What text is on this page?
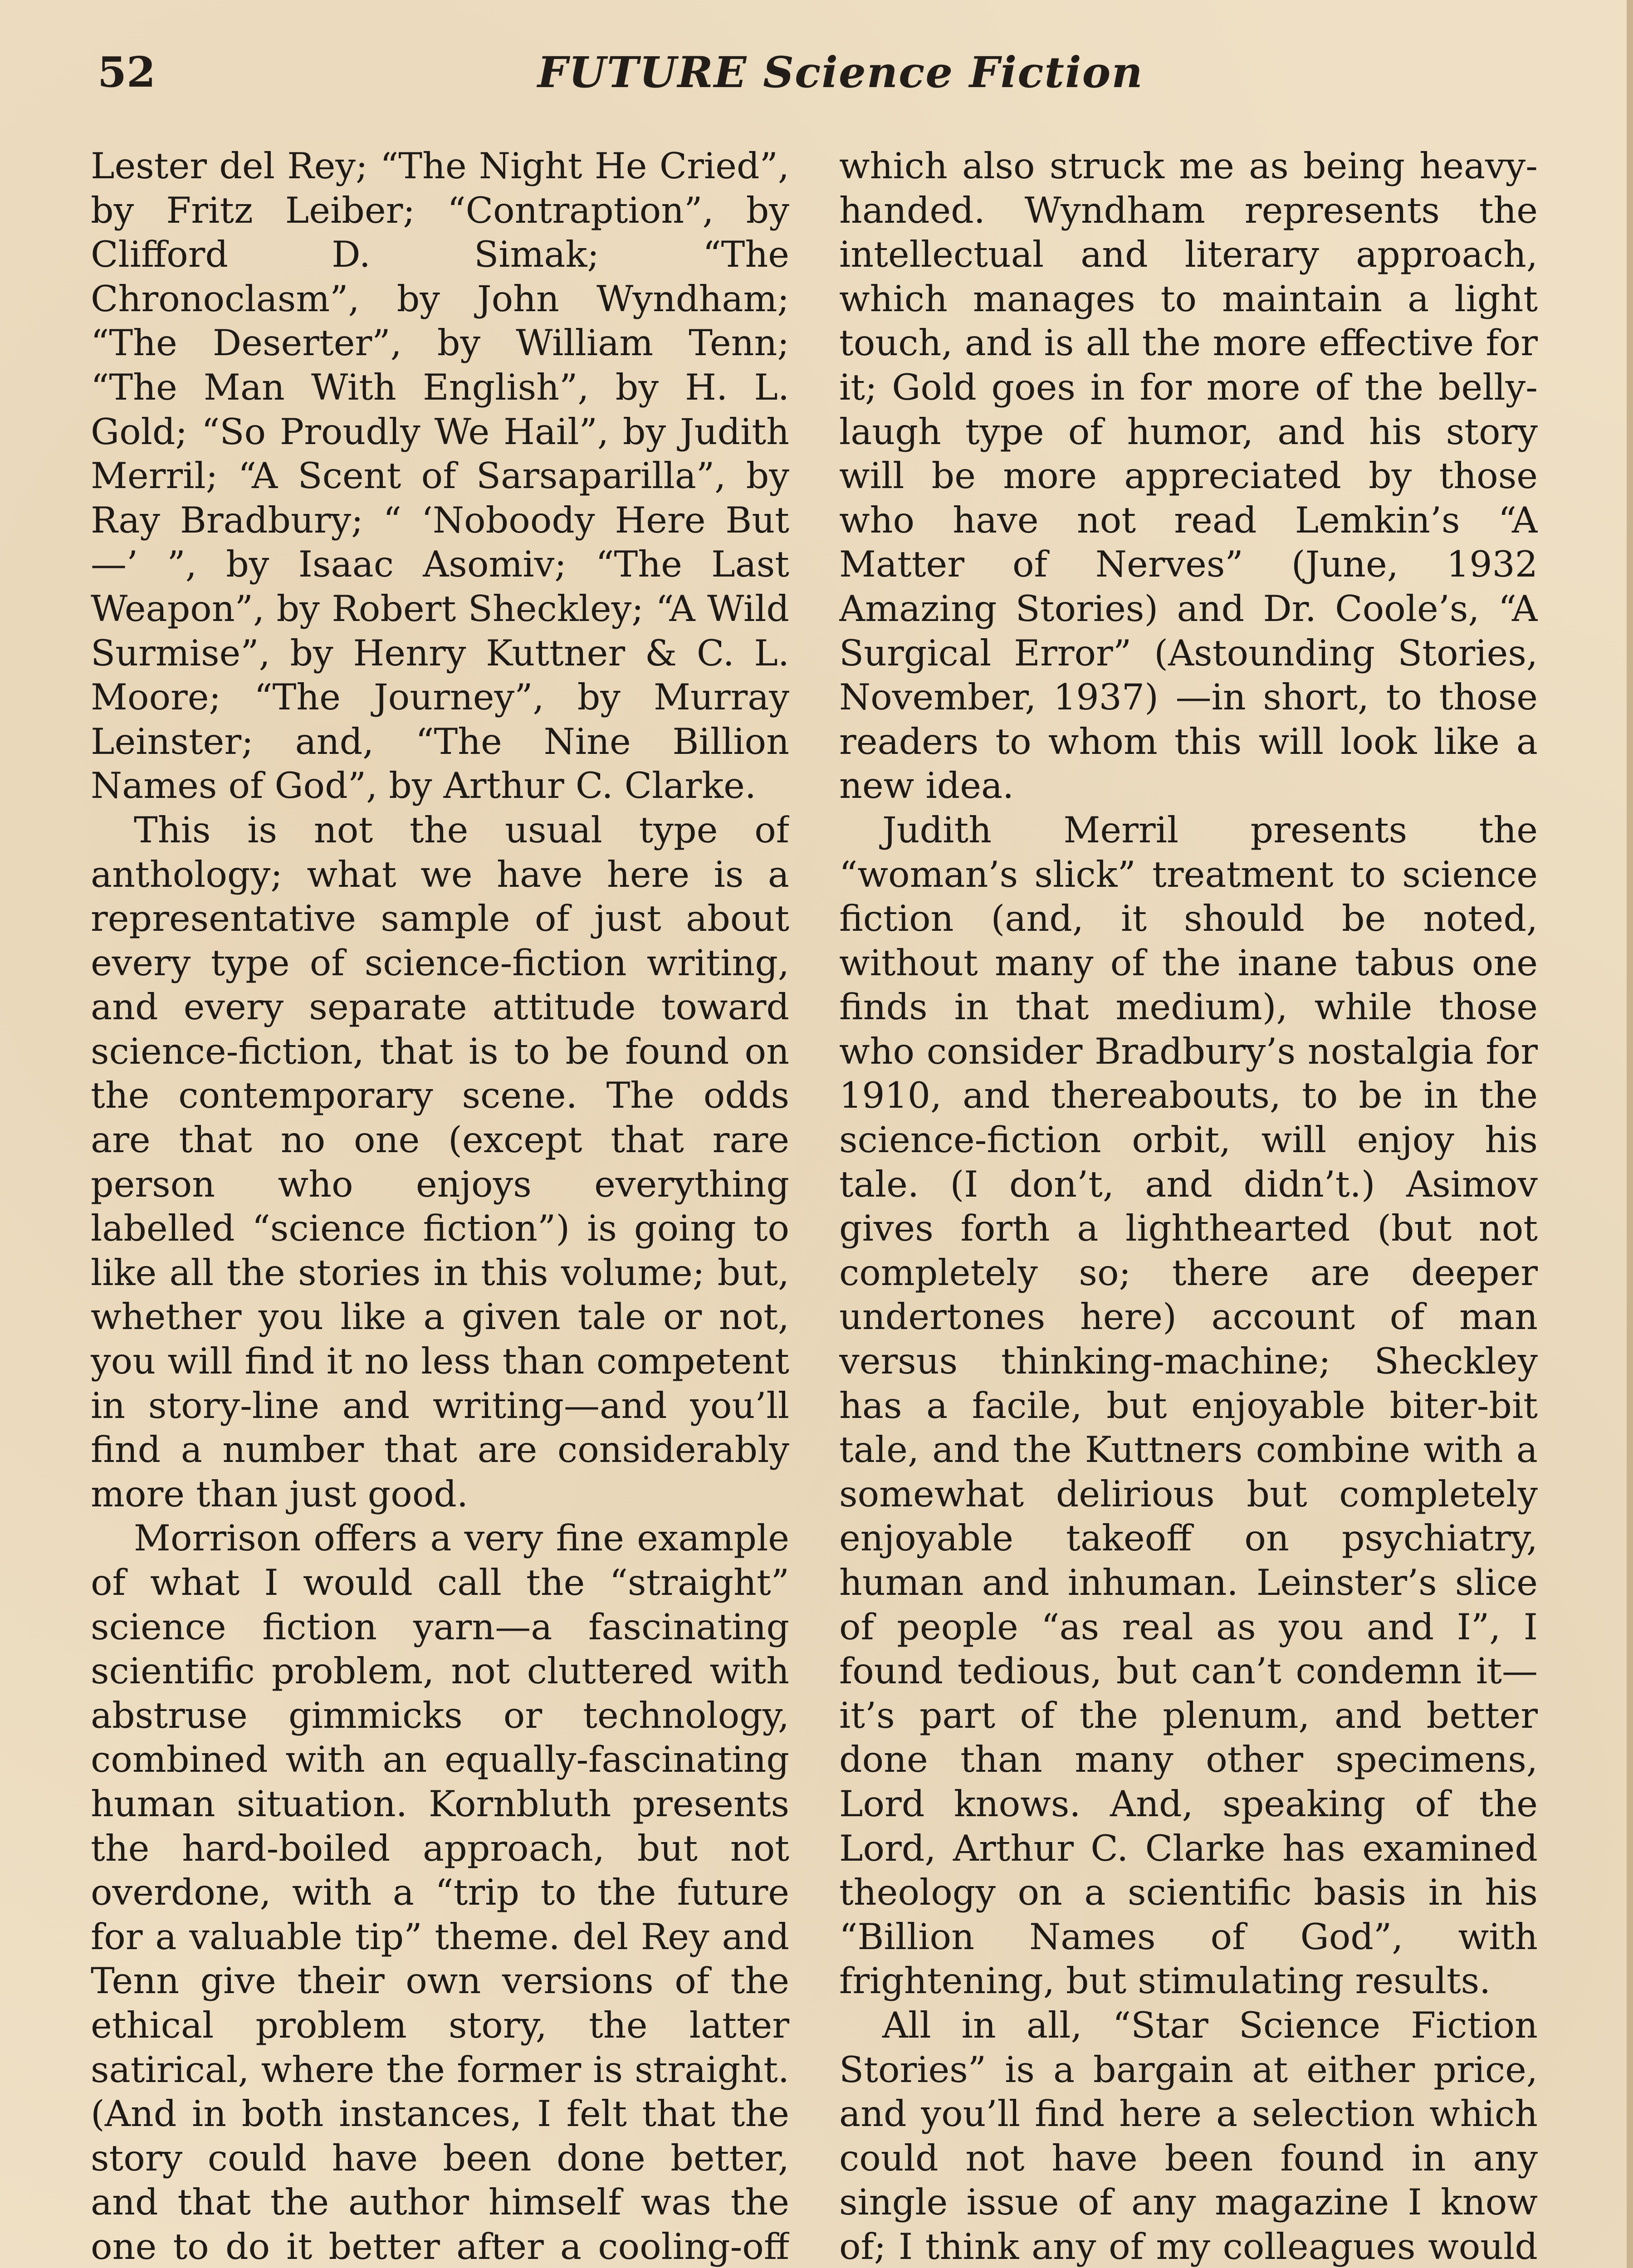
52	FUTURE Science Fiction

Lester del Rey; “The Night He Cried”, by Fritz Leiber; “Contraption”, by Clifford D. Simak; “The Chronoclasm”, by John Wyndham; “The Deserter”, by William Tenn; “The Man With English”, by H. L. Gold; “So Proudly We Hail”, by Judith Merril; “A Scent of Sarsaparilla”, by Ray Bradbury; “ ‘Noboody Here But—’ ”, by Isaac Asomiv; “The Last Weapon”, by Robert Sheckley; “A Wild Surmise”, by Henry Kuttner & C. L. Moore; “The Journey”, by Murray Leinster; and, “The Nine Billion Names of God”, by Arthur C. Clarke.

This is not the usual type of anthology; what we have here is a representative sample of just about every type of science-fiction writing, and every separate attitude toward science-fiction, that is to be found on the contemporary scene. The odds are that no one (except that rare person who enjoys everything labelled “science fiction”) is going to like all the stories in this volume; but, whether you like a given tale or not, you will find it no less than competent in story-line and writing—and you’ll find a number that are considerably more than just good.

Morrison offers a very fine example of what I would call the “straight” science fiction yarn—a fascinating scientific problem, not cluttered with abstruse gimmicks or technology, combined with an equally-fascinating human situation. Kornbluth presents the hard-boiled approach, but not overdone, with a “trip to the future for a valuable tip” theme. del Rey and Tenn give their own versions of the ethical problem story, the latter satirical, where the former is straight. (And in both instances, I felt that the story could have been done better, and that the author himself was the one to do it better after a cooling-off

which also struck me as being heavy-handed. Wyndham represents the intellectual and literary approach, which manages to maintain a light touch, and is all the more effective for it; Gold goes in for more of the belly-laugh type of humor, and his story will be more appreciated by those who have not read Lemkin’s “A Matter of Nerves” (June, 1932 Amazing Stories) and Dr. Coole’s, “A Surgical Error” (Astounding Stories, November, 1937) —in short, to those readers to whom this will look like a new idea.

Judith Merril presents the “woman’s slick” treatment to science fiction (and, it should be noted, without many of the inane tabus one finds in that medium), while those who consider Bradbury’s nostalgia for 1910, and thereabouts, to be in the science-fiction orbit, will enjoy his tale. (I don’t, and didn’t.) Asimov gives forth a lighthearted (but not completely so; there are deeper undertones here) account of man versus thinking-machine; Sheckley has a facile, but enjoyable biter-bit tale, and the Kuttners combine with a somewhat delirious but completely enjoyable takeoff on psychiatry, human and inhuman. Leinster’s slice of people “as real as you and I”, I found tedious, but can’t condemn it—it’s part of the plenum, and better done than many other specimens, Lord knows. And, speaking of the Lord, Arthur C. Clarke has examined theology on a scientific basis in his “Billion Names of God”, with frightening, but stimulating results.

All in all, “Star Science Fiction Stories” is a bargain at either price, and you’ll find here a selection which could not have been found in any single issue of any magazine I know of; I think any of my colleagues would
